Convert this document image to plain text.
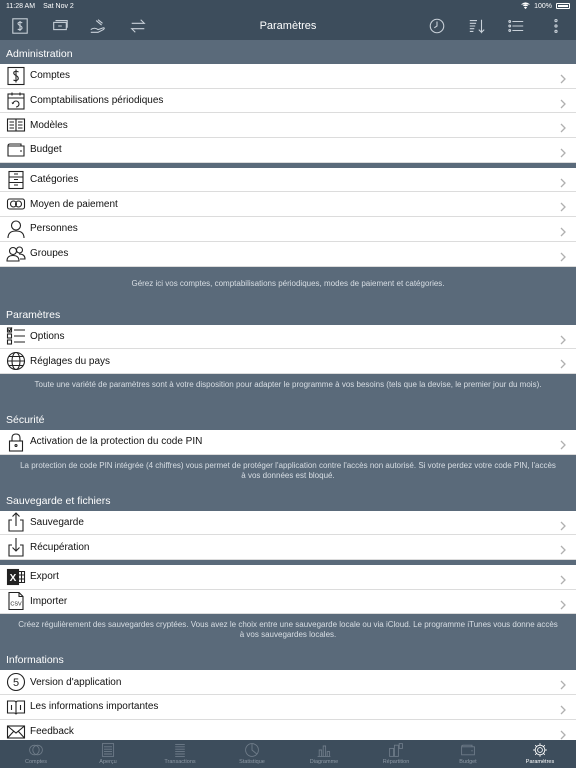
11:28 AM Sat Nov 2	100%
Paramètres
Administration
Comptes
Comptabilisations périodiques
Modèles
Budget
Catégories
Moyen de paiement
Personnes
Groupes
Gérez ici vos comptes, comptabilisations périodiques, modes de paiement et catégories.
Paramètres
Options
Réglages du pays
Toute une variété de paramètres sont à votre disposition pour adapter le programme à vos besoins (tels que la devise, le premier jour du mois).
Sécurité
Activation de la protection du code PIN
La protection de code PIN intégrée (4 chiffres) vous permet de protéger l'application contre l'accès non autorisé. Si votre perdez votre code PIN, l'accès à vos données est bloqué.
Sauvegarde et fichiers
Sauvegarde
Récupération
X Export
CSV Importer
Créez régulièrement des sauvegardes cryptées. Vous avez le choix entre une sauvegarde locale ou via iCloud. Le programme iTunes vous donne accès à vos sauvegardes locales.
Informations
5 Version d'application
Les informations importantes
Feedback
Comptes	Aperçu	Transactions	Statistique	Diagramme	Répartition	Budget	Paramètres
